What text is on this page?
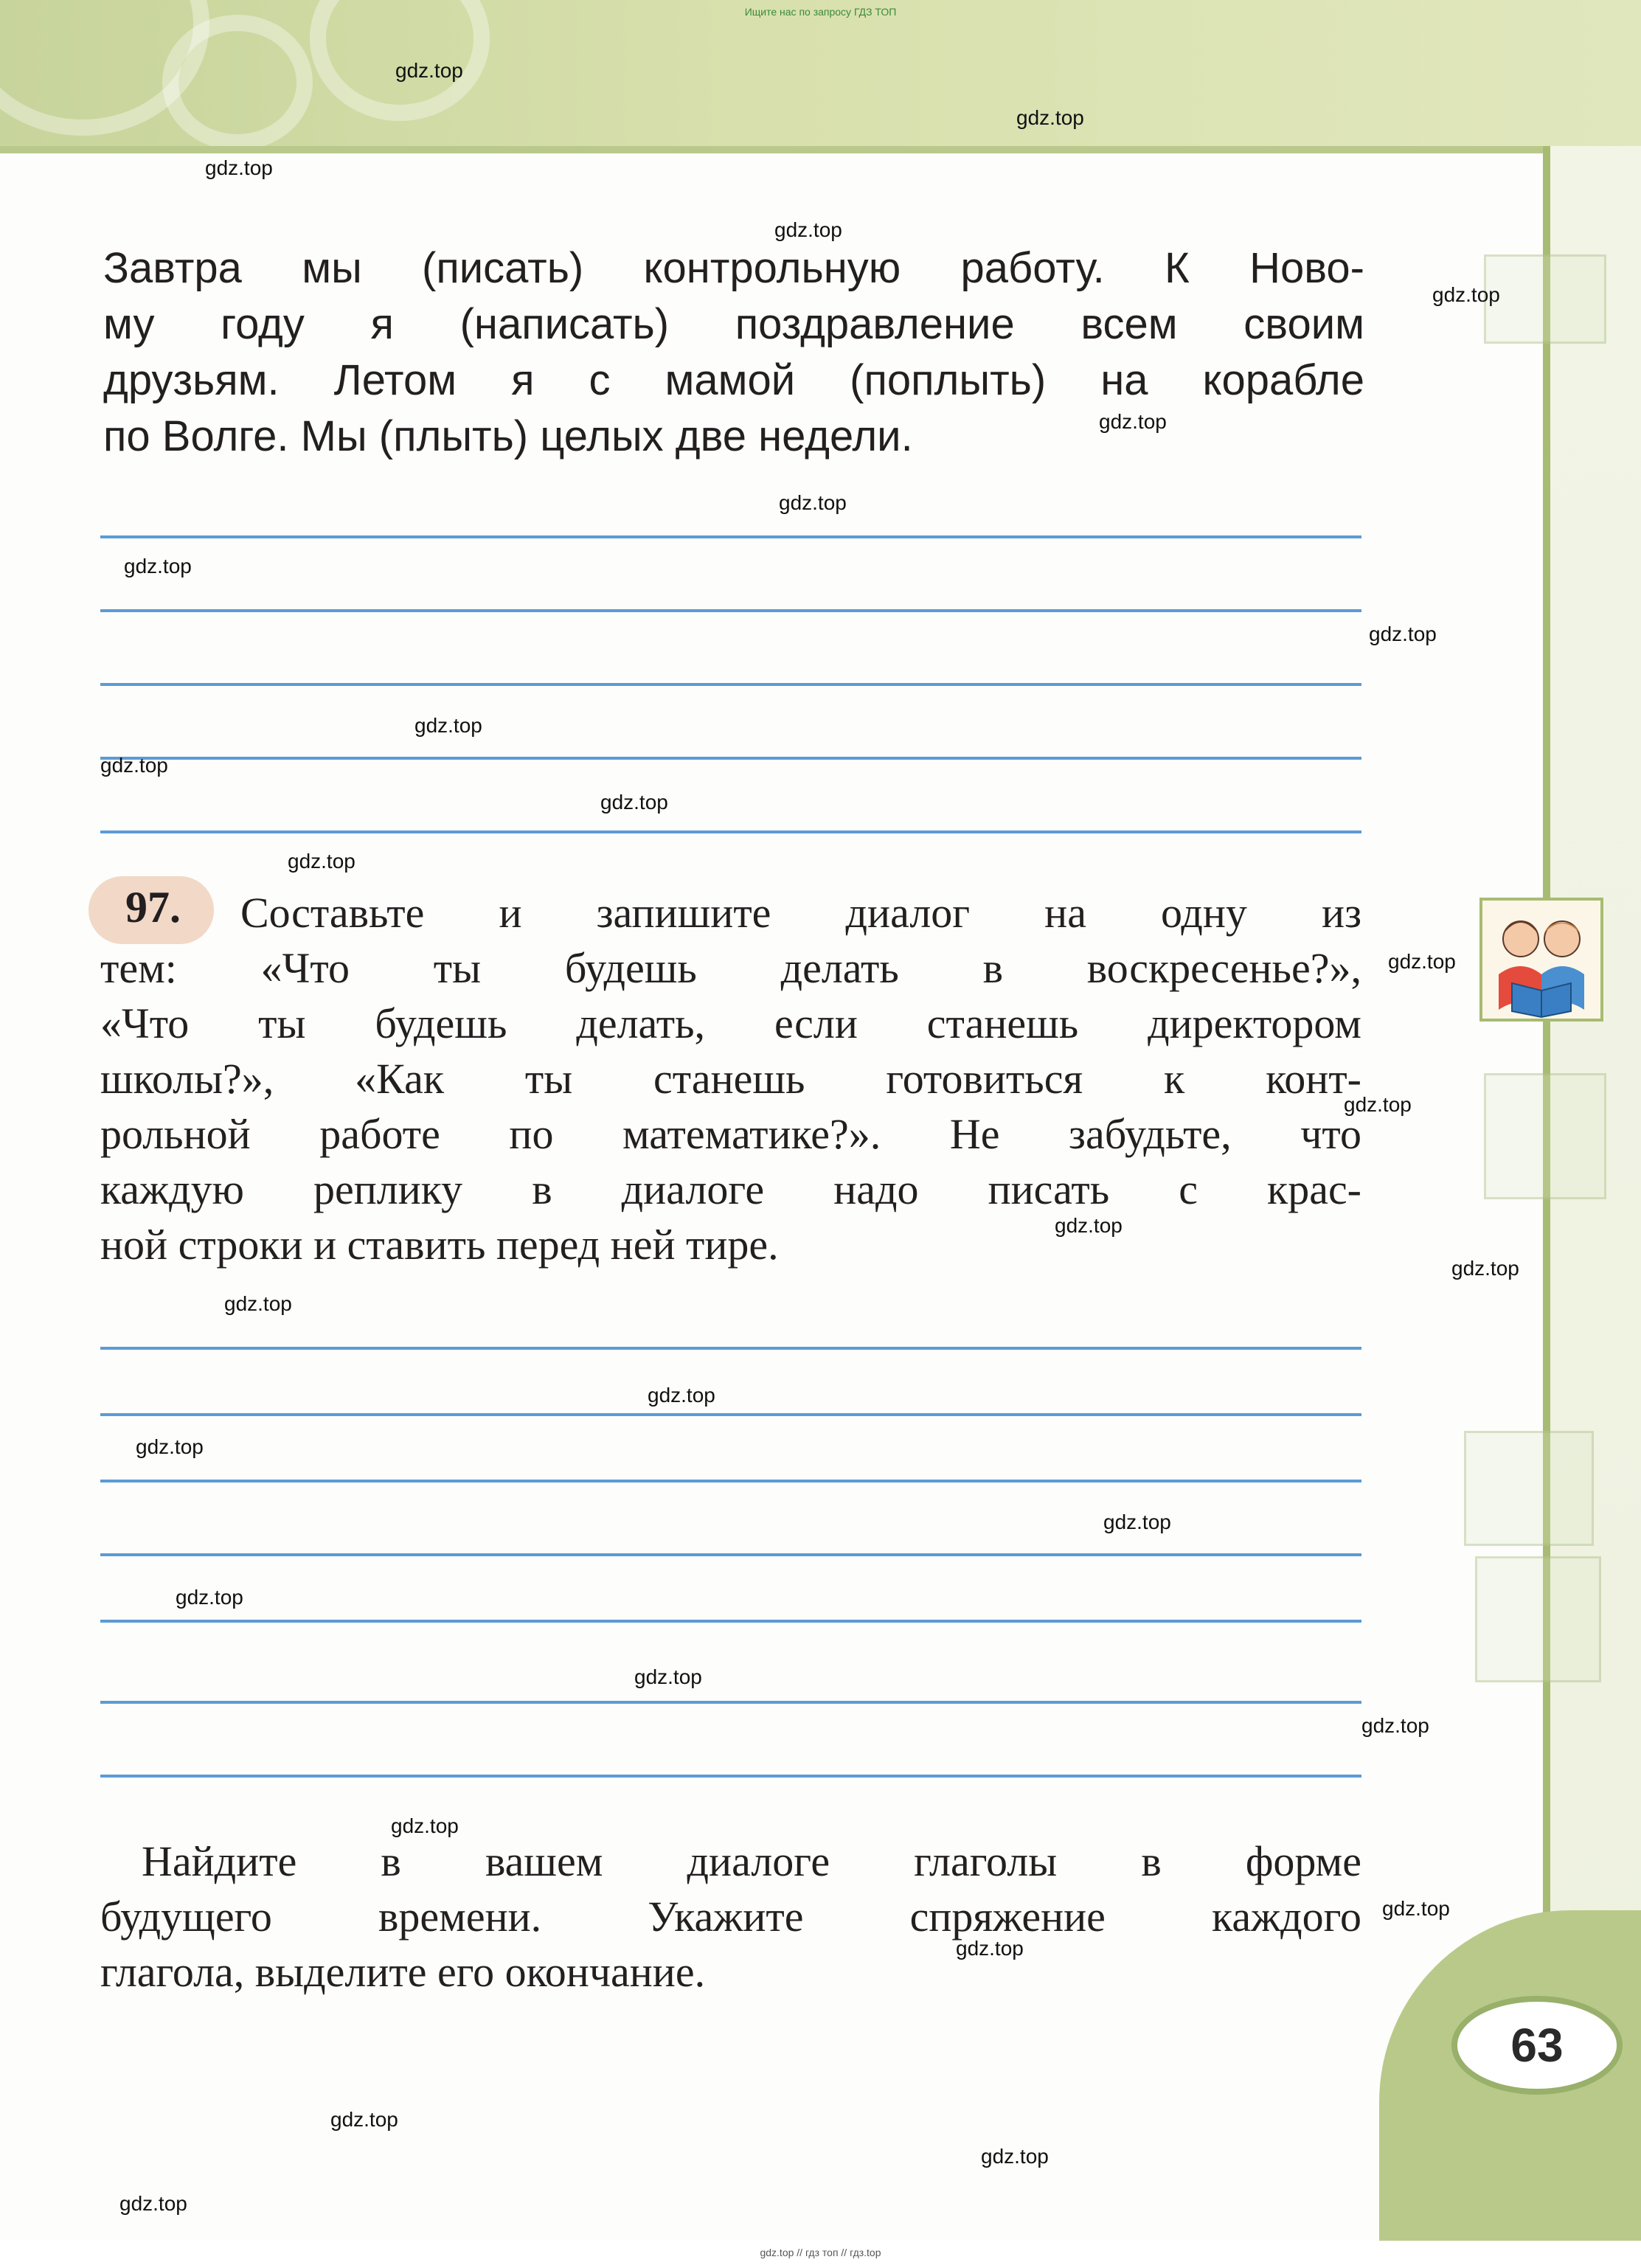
Ищите нас по запросу ГДЗ ТОП
Завтра мы (писать) контрольную работу. К Ново-
му году я (написать) поздравление всем своим
друзьям. Летом я с мамой (поплыть) на корабле
по Волге. Мы (плыть) целых две недели.
97.	Составьте и запишите диалог на одну из
тем: «Что ты будешь делать в воскресенье?»,
«Что ты будешь делать, если станешь директором
школы?», «Как ты станешь готовиться к конт-
рольной работе по математике?». Не забудьте, что
каждую реплику в диалоге надо писать с крас-
ной строки и ставить перед ней тире.
Найдите в вашем диалоге глаголы в форме
будущего времени. Укажите спряжение каждого
глагола, выделите его окончание.
63
gdz.top // гдз топ // гдз.top
gdz.top
gdz.top
gdz.top
gdz.top
gdz.top
gdz.top
gdz.top
gdz.top
gdz.top
gdz.top
gdz.top
gdz.top
gdz.top
gdz.top
gdz.top
gdz.top
gdz.top
gdz.top
gdz.top
gdz.top
gdz.top
gdz.top
gdz.top
gdz.top
gdz.top
gdz.top
gdz.top
gdz.top
gdz.top
gdz.top
